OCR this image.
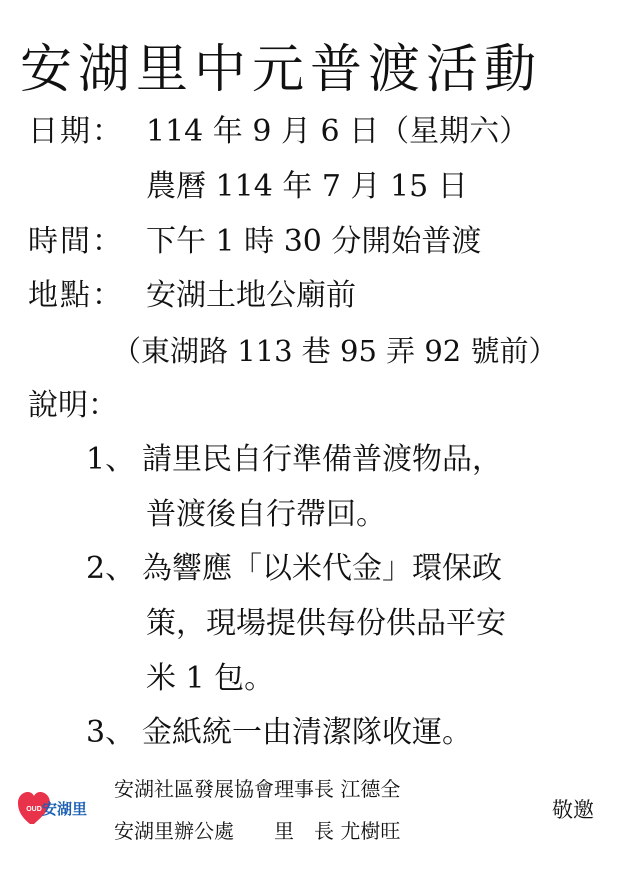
安湖里中元普渡活動
日期： 114 年 9 月 6 日（星期六）
農曆 114 年 7 月 15 日
時間： 下午 1 時 30 分開始普渡
地點： 安湖土地公廟前
（東湖路 113 巷 95 弄 92 號前）
說明：
1、 請里民自行準備普渡物品，
普渡後自行帶回。
2、 為響應「以米代金」環保政
策，現場提供每份供品平安
米 1 包。
3、 金紙統一由清潔隊收運。
OUD 安湖里
安湖社區發展協會理事長 江德全
安湖里辦公處　　里　長 尤樹旺
敬邀
